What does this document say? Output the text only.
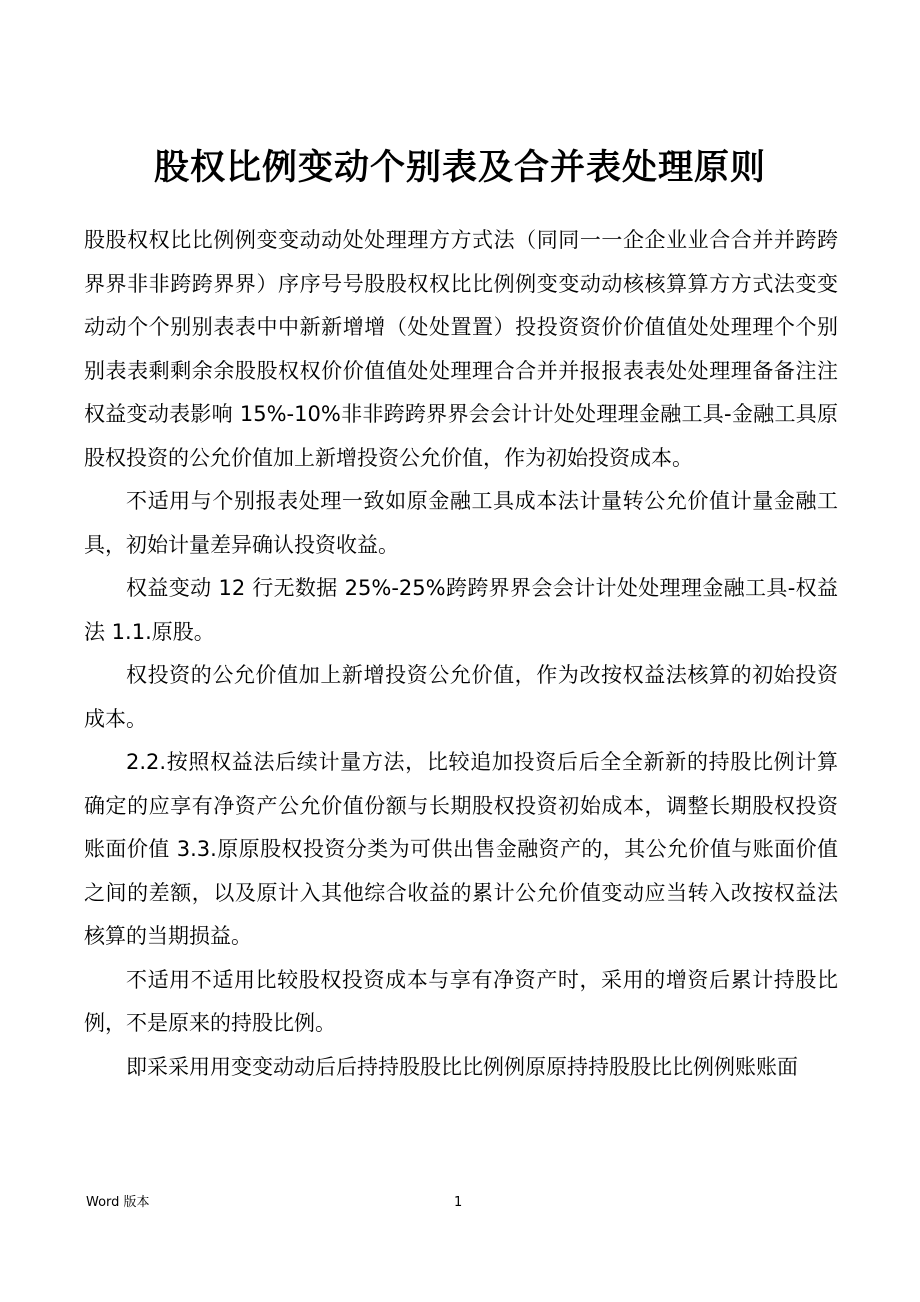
股权比例变动个别表及合并表处理原则

股股权权比比例例变变动动处处理理方方式法（同同一一企企业业合合并并跨跨界界非非跨跨界界）序序号号股股权权比比例例变变动动核核算算方方式法变变动动个个别别表表中中新新增增（处处置置）投投资资价价值值处处理理个个别别表表剩剩余余股股权权价价值值处处理理合合并并报报表表处处理理备备注注权益变动表影响 15%-10%非非跨跨界界会会计计处处理理金融工具-金融工具原股权投资的公允价值加上新增投资公允价值，作为初始投资成本。

不适用与个别报表处理一致如原金融工具成本法计量转公允价值计量金融工具，初始计量差异确认投资收益。

权益变动 12 行无数据 25%-25%跨跨界界会会计计处处理理金融工具-权益法 1.1.原股。

权投资的公允价值加上新增投资公允价值，作为改按权益法核算的初始投资成本。

2.2.按照权益法后续计量方法，比较追加投资后后全全新新的持股比例计算确定的应享有净资产公允价值份额与长期股权投资初始成本，调整长期股权投资账面价值 3.3.原原股权投资分类为可供出售金融资产的，其公允价值与账面价值之间的差额，以及原计入其他综合收益的累计公允价值变动应当转入改按权益法核算的当期损益。

不适用不适用比较股权投资成本与享有净资产时，采用的增资后累计持股比例，不是原来的持股比例。

即采采用用变变动动后后持持股股比比例例原原持持股股比比例例账账面

Word 版本	1
